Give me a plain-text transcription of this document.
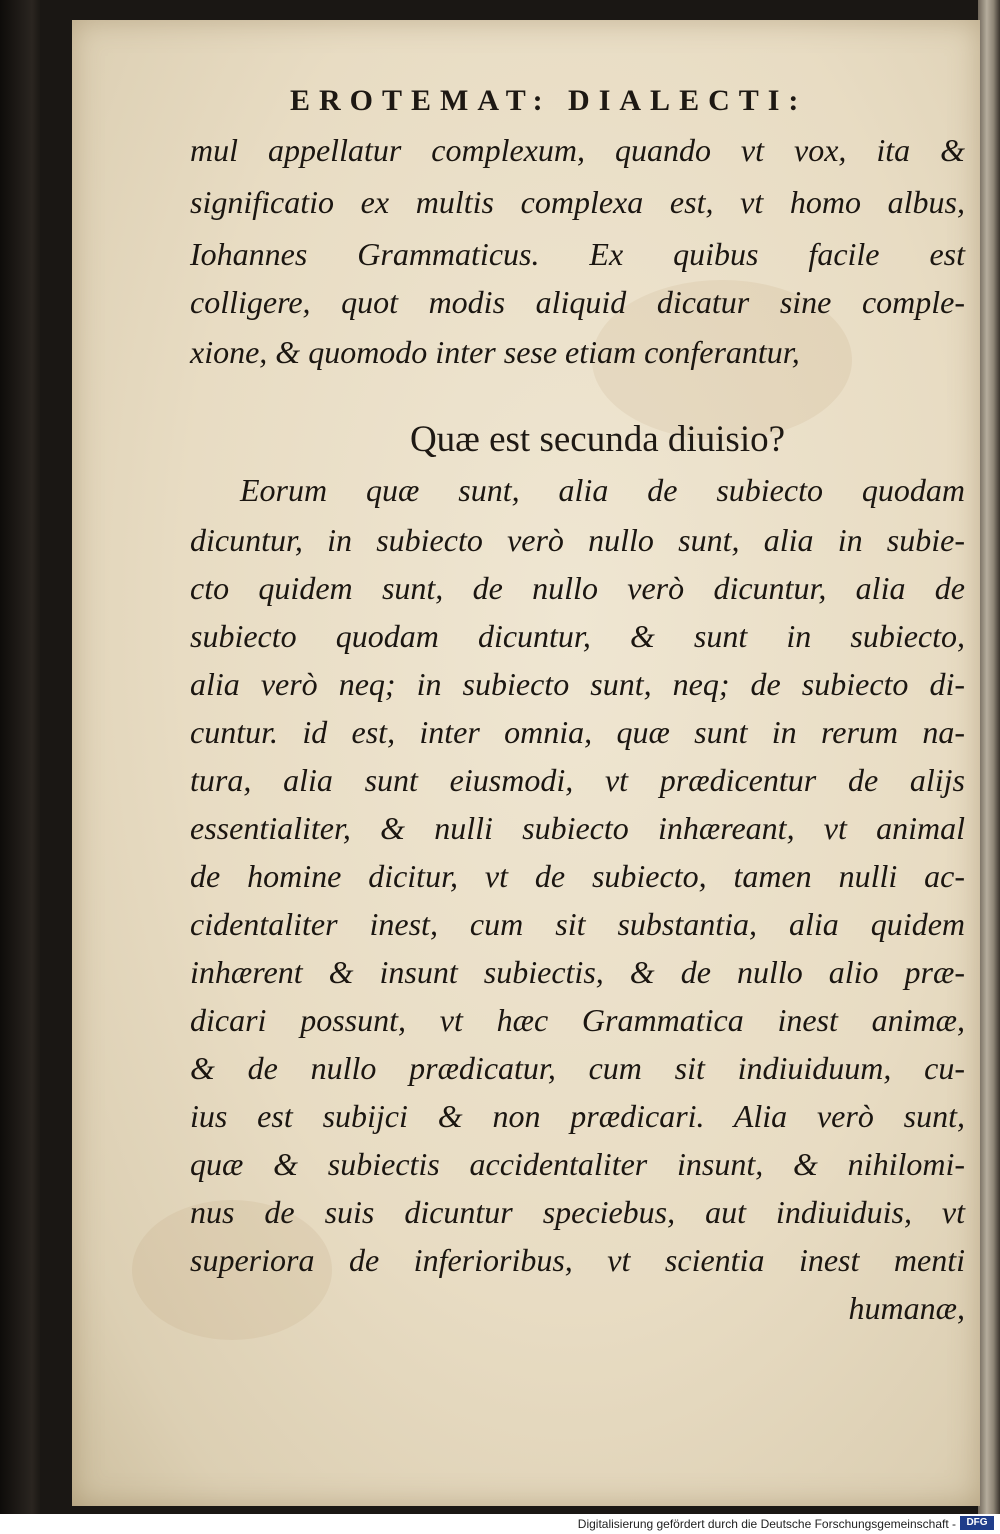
EROTEMAT: DIALECTI:
mul appellatur complexum, quando vt vox, ita &
significatio ex multis complexa est, vt homo albus,
Iohannes Grammaticus. Ex quibus facile est
colligere, quot modis aliquid dicatur sine comple-
xione, & quomodo inter sese etiam conferantur,
Quæ est secunda diuisio?
Eorum quæ sunt, alia de subiecto quodam
dicuntur, in subiecto verò nullo sunt, alia in subie-
cto quidem sunt, de nullo verò dicuntur, alia de
subiecto quodam dicuntur, & sunt in subiecto,
alia verò neq; in subiecto sunt, neq; de subiecto di-
cuntur. id est, inter omnia, quæ sunt in rerum na-
tura, alia sunt eiusmodi, vt prædicentur de alijs
essentialiter, & nulli subiecto inhæreant, vt animal
de homine dicitur, vt de subiecto, tamen nulli ac-
cidentaliter inest, cum sit substantia, alia quidem
inhærent & insunt subiectis, & de nullo alio præ-
dicari possunt, vt hæc Grammatica inest animæ,
& de nullo prædicatur, cum sit indiuiduum, cu-
ius est subijci & non prædicari. Alia verò sunt,
quæ & subiectis accidentaliter insunt, & nihilomi-
nus de suis dicuntur speciebus, aut indiuiduis, vt
superiora de inferioribus, vt scientia inest menti
humanæ,
Digitalisierung gefördert durch die Deutsche Forschungsgemeinschaft -	DFG
